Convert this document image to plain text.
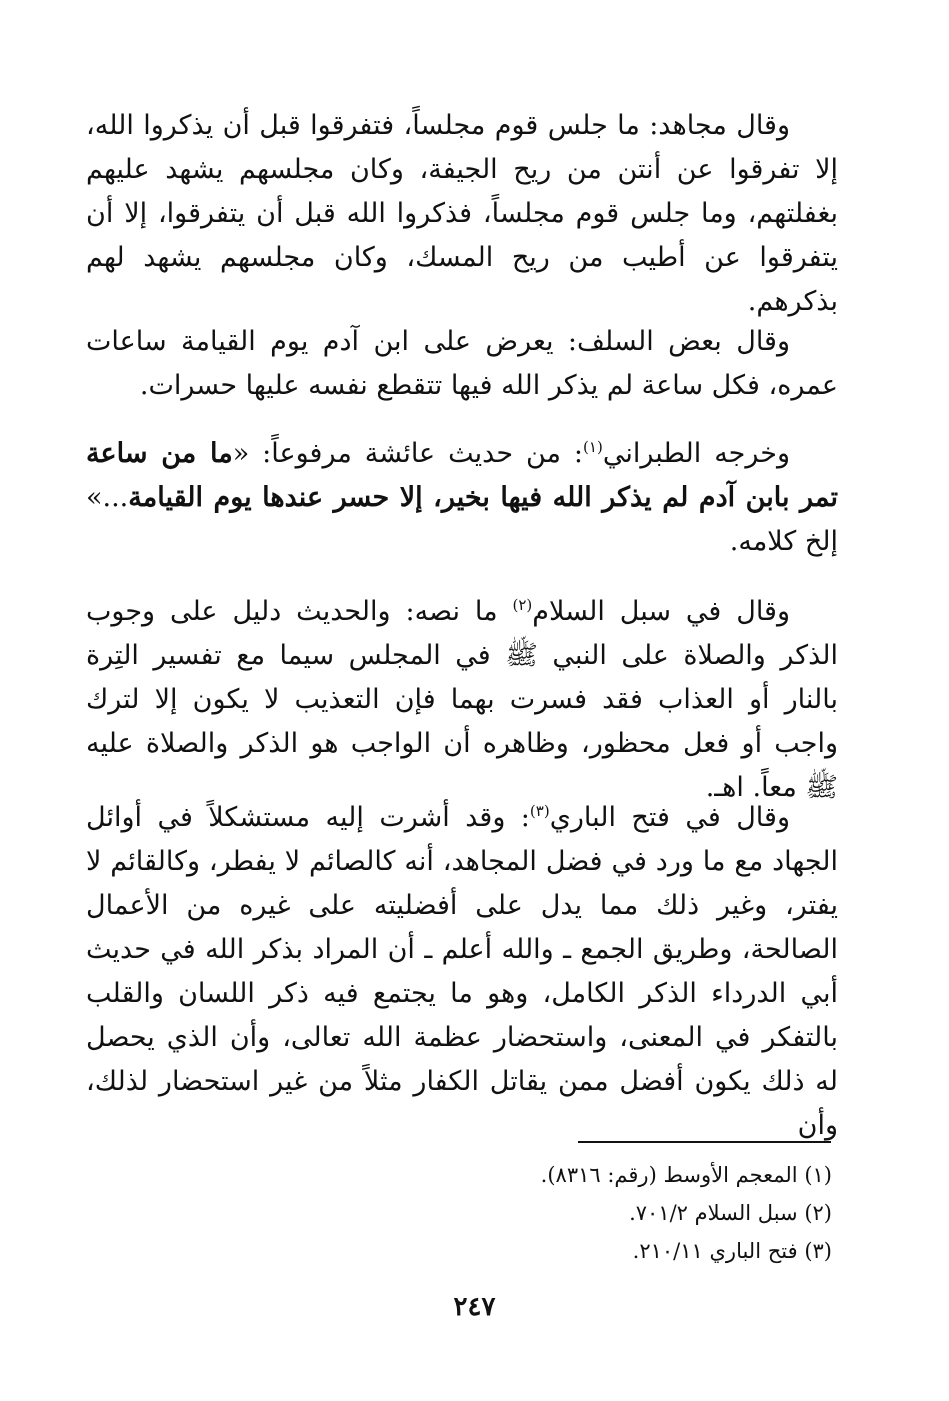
وقال مجاهد: ما جلس قوم مجلساً، فتفرقوا قبل أن يذكروا الله، إلا تفرقوا عن أنتن من ريح الجيفة، وكان مجلسهم يشهد عليهم بغفلتهم، وما جلس قوم مجلساً، فذكروا الله قبل أن يتفرقوا، إلا أن يتفرقوا عن أطيب من ريح المسك، وكان مجلسهم يشهد لهم بذكرهم.

وقال بعض السلف: يعرض على ابن آدم يوم القيامة ساعات عمره، فكل ساعة لم يذكر الله فيها تتقطع نفسه عليها حسرات.

وخرجه الطبراني$^{(١)}$: من حديث عائشة مرفوعاً: «ما من ساعة تمر بابن آدم لم يذكر الله فيها بخير، إلا حسر عندها يوم القيامة...» إلخ كلامه.

وقال في سبل السلام$^{(٢)}$ ما نصه: والحديث دليل على وجوب الذكر والصلاة على النبي ﷺ في المجلس سيما مع تفسير التِرة بالنار أو العذاب فقد فسرت بهما فإن التعذيب لا يكون إلا لترك واجب أو فعل محظور، وظاهره أن الواجب هو الذكر والصلاة عليه ﷺ معاً. اهـ.

وقال في فتح الباري$^{(٣)}$: وقد أشرت إليه مستشكلاً في أوائل الجهاد مع ما ورد في فضل المجاهد، أنه كالصائم لا يفطر، وكالقائم لا يفتر، وغير ذلك مما يدل على أفضليته على غيره من الأعمال الصالحة، وطريق الجمع ـ والله أعلم ـ أن المراد بذكر الله في حديث أبي الدرداء الذكر الكامل، وهو ما يجتمع فيه ذكر اللسان والقلب بالتفكر في المعنى، واستحضار عظمة الله تعالى، وأن الذي يحصل له ذلك يكون أفضل ممن يقاتل الكفار مثلاً من غير استحضار لذلك، وأن

(١) المعجم الأوسط (رقم: ٨٣١٦).

(٢) سبل السلام ٧٠١/٢.

(٣) فتح الباري ٢١٠/١١.

٢٤٧
